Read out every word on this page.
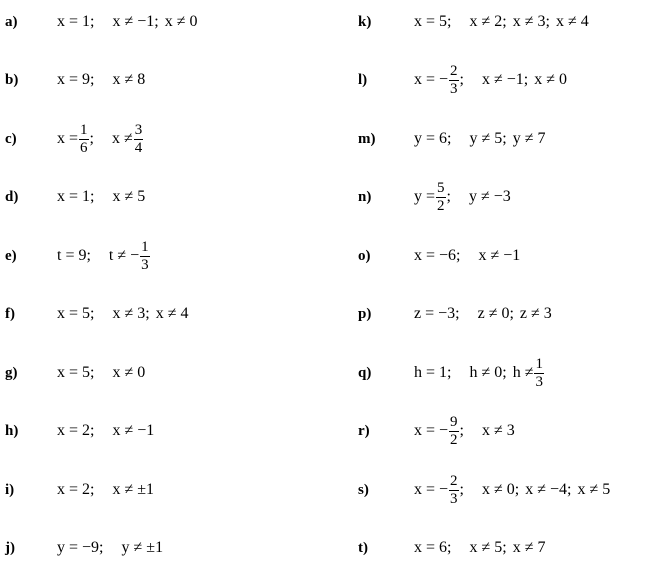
a)	x = 1; x ≠ −1; x ≠ 0
b)	x = 9; x ≠ 8
c)	$x = \frac{1}{6}$ ; $x \ne \frac{3}{4}$
d)	x = 1; x ≠ 5
e)	t = 9; t ≠ − $\frac{1}{3}$
f)	x = 5; x ≠ 3; x ≠ 4
g)	x = 5; x ≠ 0
h)	x = 2; x ≠ −1
i)	x = 2; x ≠ ±1
j)	y = −9; y ≠ ±1
k)	x = 5; x ≠ 2; x ≠ 3; x ≠ 4
l)	x = − $\frac{2}{3}$ ; x ≠ −1; x ≠ 0
m)	y = 6; y ≠ 5; y ≠ 7
n)	$y = \frac{5}{2}$ ; y ≠ −3
o)	x = −6; x ≠ −1
p)	z = −3; z ≠ 0; z ≠ 3
q)	h = 1; h ≠ 0; $h \ne \frac{1}{3}$
r)	x = − $\frac{9}{2}$ ; x ≠ 3
s)	x = − $\frac{2}{3}$ ; x ≠ 0; x ≠ −4; x ≠ 5
t)	x = 6; x ≠ 5; x ≠ 7
